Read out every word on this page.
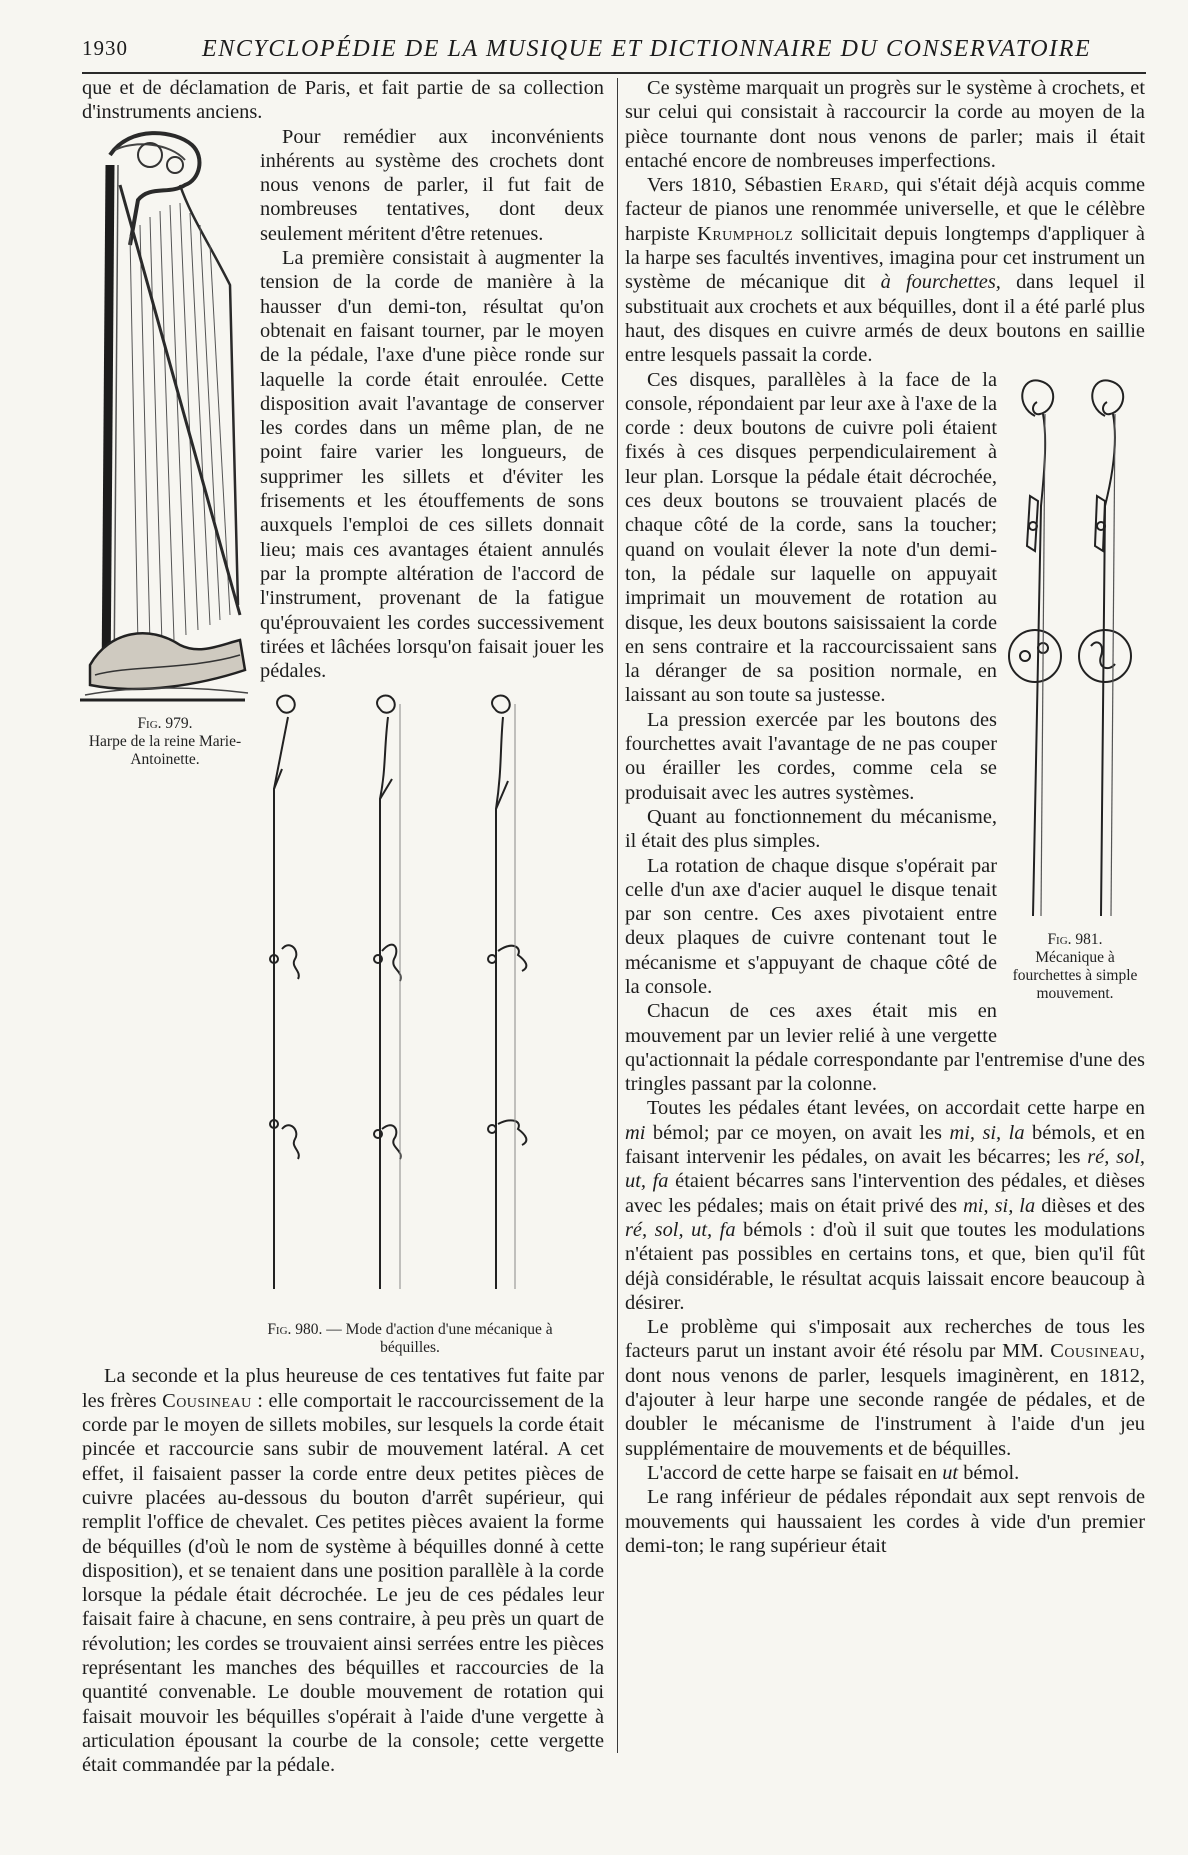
1930	ENCYCLOPÉDIE DE LA MUSIQUE ET DICTIONNAIRE DU CONSERVATOIRE

que et de déclamation de Paris, et fait partie de sa collection d'instruments anciens.

Fig. 979.
Harpe de la reine Marie-Antoinette.

Pour remédier aux inconvénients inhérents au système des crochets dont nous venons de parler, il fut fait de nombreuses tentatives, dont deux seulement méritent d'être retenues.

La première consistait à augmenter la tension de la corde de manière à la hausser d'un demi-ton, résultat qu'on obtenait en faisant tourner, par le moyen de la pédale, l'axe d'une pièce ronde sur laquelle la corde était enroulée. Cette disposition avait l'avantage de conserver les cordes dans un même plan, de ne point faire varier les longueurs, de supprimer les sillets et d'éviter les frisements et les étouffements de sons auxquels l'emploi de ces sillets donnait lieu; mais ces avantages étaient annulés par la prompte altération de l'accord de l'instrument, provenant de la fatigue qu'éprouvaient les cordes successivement tirées et lâchées lorsqu'on faisait jouer les pédales.

Fig. 980. — Mode d'action d'une mécanique à béquilles.

La seconde et la plus heureuse de ces tentatives fut faite par les frères Cousineau : elle comportait le raccourcissement de la corde par le moyen de sillets mobiles, sur lesquels la corde était pincée et raccourcie sans subir de mouvement latéral. A cet effet, il faisaient passer la corde entre deux petites pièces de cuivre placées au-dessous du bouton d'arrêt supérieur, qui remplit l'office de chevalet. Ces petites pièces avaient la forme de béquilles (d'où le nom de système à béquilles donné à cette disposition), et se tenaient dans une position parallèle à la corde lorsque la pédale était décrochée. Le jeu de ces pédales leur faisait faire à chacune, en sens contraire, à peu près un quart de révolution; les cordes se trouvaient ainsi serrées entre les pièces représentant les manches des béquilles et raccourcies de la quantité convenable. Le double mouvement de rotation qui faisait mouvoir les béquilles s'opérait à l'aide d'une vergette à articulation épousant la courbe de la console; cette vergette était commandée par la pédale.

Ce système marquait un progrès sur le système à crochets, et sur celui qui consistait à raccourcir la corde au moyen de la pièce tournante dont nous venons de parler; mais il était entaché encore de nombreuses imperfections.

Vers 1810, Sébastien Erard, qui s'était déjà acquis comme facteur de pianos une renommée universelle, et que le célèbre harpiste Krumpholz sollicitait depuis longtemps d'appliquer à la harpe ses facultés inventives, imagina pour cet instrument un système de mécanique dit à fourchettes, dans lequel il substituait aux crochets et aux béquilles, dont il a été parlé plus haut, des disques en cuivre armés de deux boutons en saillie entre lesquels passait la corde.

Fig. 981.
Mécanique à fourchettes à simple mouvement.

Ces disques, parallèles à la face de la console, répondaient par leur axe à l'axe de la corde : deux boutons de cuivre poli étaient fixés à ces disques perpendiculairement à leur plan. Lorsque la pédale était décrochée, ces deux boutons se trouvaient placés de chaque côté de la corde, sans la toucher; quand on voulait élever la note d'un demi-ton, la pédale sur laquelle on appuyait imprimait un mouvement de rotation au disque, les deux boutons saisissaient la corde en sens contraire et la raccourcissaient sans la déranger de sa position normale, en laissant au son toute sa justesse.

La pression exercée par les boutons des fourchettes avait l'avantage de ne pas couper ou érailler les cordes, comme cela se produisait avec les autres systèmes.

Quant au fonctionnement du mécanisme, il était des plus simples.

La rotation de chaque disque s'opérait par celle d'un axe d'acier auquel le disque tenait par son centre. Ces axes pivotaient entre deux plaques de cuivre contenant tout le mécanisme et s'appuyant de chaque côté de la console.

Chacun de ces axes était mis en mouvement par un levier relié à une vergette qu'actionnait la pédale correspondante par l'entremise d'une des tringles passant par la colonne.

Toutes les pédales étant levées, on accordait cette harpe en mi bémol; par ce moyen, on avait les mi, si, la bémols, et en faisant intervenir les pédales, on avait les bécarres; les ré, sol, ut, fa étaient bécarres sans l'intervention des pédales, et dièses avec les pédales; mais on était privé des mi, si, la dièses et des ré, sol, ut, fa bémols : d'où il suit que toutes les modulations n'étaient pas possibles en certains tons, et que, bien qu'il fût déjà considérable, le résultat acquis laissait encore beaucoup à désirer.

Le problème qui s'imposait aux recherches de tous les facteurs parut un instant avoir été résolu par MM. Cousineau, dont nous venons de parler, lesquels imaginèrent, en 1812, d'ajouter à leur harpe une seconde rangée de pédales, et de doubler le mécanisme de l'instrument à l'aide d'un jeu supplémentaire de mouvements et de béquilles.

L'accord de cette harpe se faisait en ut bémol.

Le rang inférieur de pédales répondait aux sept renvois de mouvements qui haussaient les cordes à vide d'un premier demi-ton; le rang supérieur était
